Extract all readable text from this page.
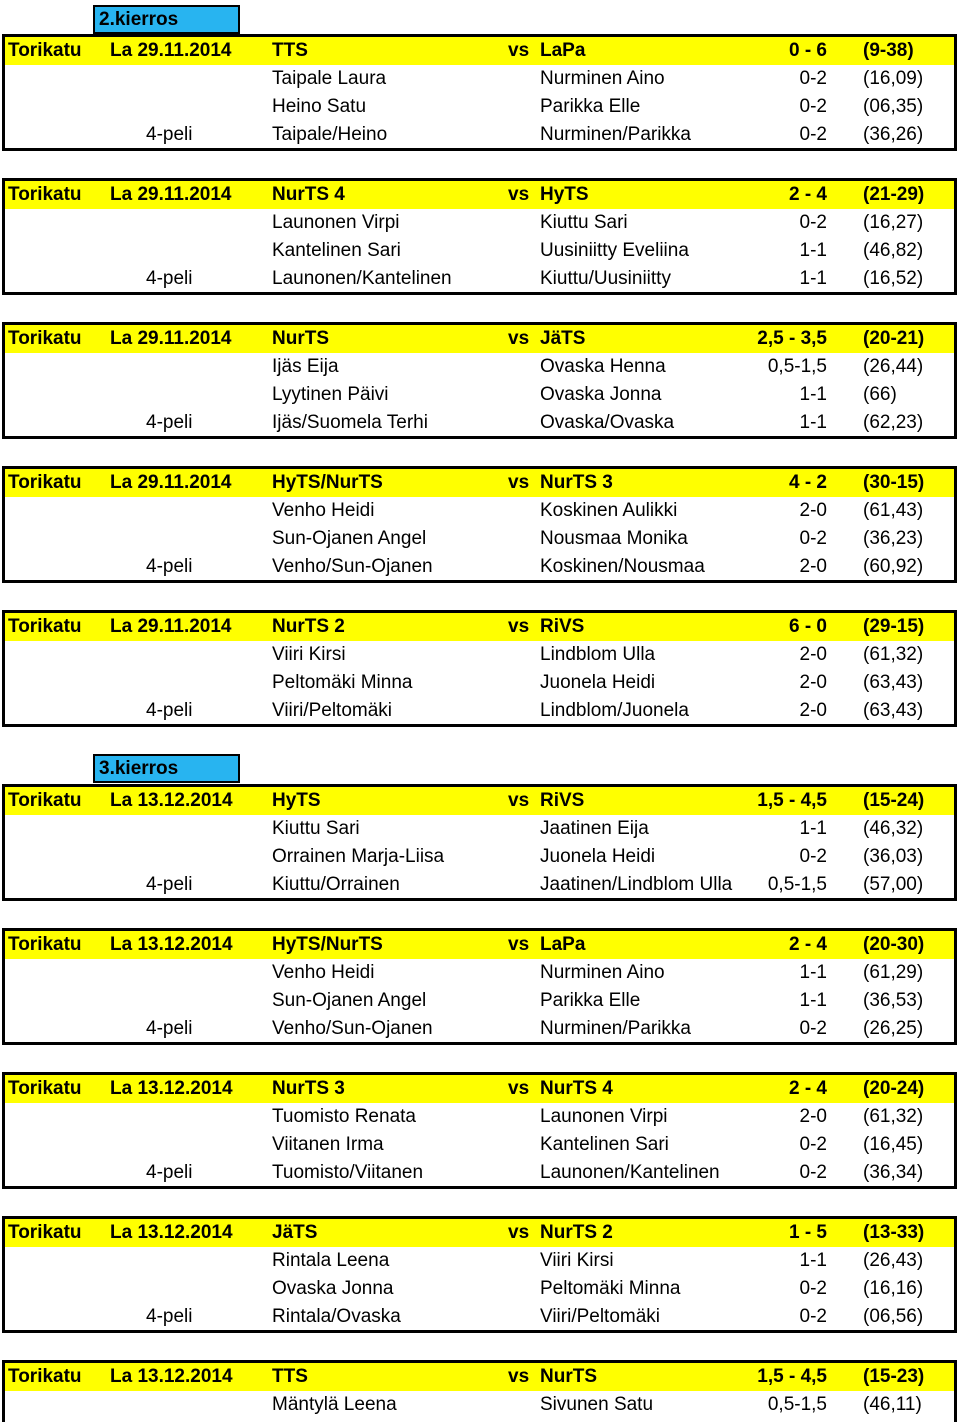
2.kierros
Torikatu La 29.11.2014 TTS	vs LaPa	0 - 6 (9-38)
Taipale Laura	Nurminen Aino	0-2 (16,09)
Heino Satu	Parikka Elle	0-2 (06,35)
4-peli	Taipale/Heino	Nurminen/Parikka	0-2 (36,26)
Torikatu La 29.11.2014 NurTS 4	vs HyTS	2 - 4 (21-29)
Launonen Virpi	Kiuttu Sari	0-2 (16,27)
Kantelinen Sari	Uusiniitty Eveliina	1-1 (46,82)
4-peli	Launonen/Kantelinen	Kiuttu/Uusiniitty	1-1 (16,52)
Torikatu La 29.11.2014 NurTS	vs JäTS	2,5 - 3,5 (20-21)
Ijäs Eija	Ovaska Henna	0,5-1,5 (26,44)
Lyytinen Päivi	Ovaska Jonna	1-1 (66)
4-peli	Ijäs/Suomela Terhi	Ovaska/Ovaska	1-1 (62,23)
Torikatu La 29.11.2014 HyTS/NurTS	vs NurTS 3	4 - 2 (30-15)
Venho Heidi	Koskinen Aulikki	2-0 (61,43)
Sun-Ojanen Angel	Nousmaa Monika	0-2 (36,23)
4-peli	Venho/Sun-Ojanen	Koskinen/Nousmaa	2-0 (60,92)
Torikatu La 29.11.2014 NurTS 2	vs RiVS	6 - 0 (29-15)
Viiri Kirsi	Lindblom Ulla	2-0 (61,32)
Peltomäki Minna	Juonela Heidi	2-0 (63,43)
4-peli	Viiri/Peltomäki	Lindblom/Juonela	2-0 (63,43)
3.kierros
Torikatu La 13.12.2014 HyTS	vs RiVS	1,5 - 4,5 (15-24)
Kiuttu Sari	Jaatinen Eija	1-1 (46,32)
Orrainen Marja-Liisa	Juonela Heidi	0-2 (36,03)
4-peli	Kiuttu/Orrainen	Jaatinen/Lindblom Ulla 0,5-1,5 (57,00)
Torikatu La 13.12.2014 HyTS/NurTS	vs LaPa	2 - 4 (20-30)
Venho Heidi	Nurminen Aino	1-1 (61,29)
Sun-Ojanen Angel	Parikka Elle	1-1 (36,53)
4-peli	Venho/Sun-Ojanen	Nurminen/Parikka	0-2 (26,25)
Torikatu La 13.12.2014 NurTS 3	vs NurTS 4	2 - 4 (20-24)
Tuomisto Renata	Launonen Virpi	2-0 (61,32)
Viitanen Irma	Kantelinen Sari	0-2 (16,45)
4-peli	Tuomisto/Viitanen	Launonen/Kantelinen	0-2 (36,34)
Torikatu La 13.12.2014 JäTS	vs NurTS 2	1 - 5 (13-33)
Rintala Leena	Viiri Kirsi	1-1 (26,43)
Ovaska Jonna	Peltomäki Minna	0-2 (16,16)
4-peli	Rintala/Ovaska	Viiri/Peltomäki	0-2 (06,56)
Torikatu La 13.12.2014 TTS	vs NurTS	1,5 - 4,5 (15-23)
Mäntylä Leena	Sivunen Satu	0,5-1,5 (46,11)
